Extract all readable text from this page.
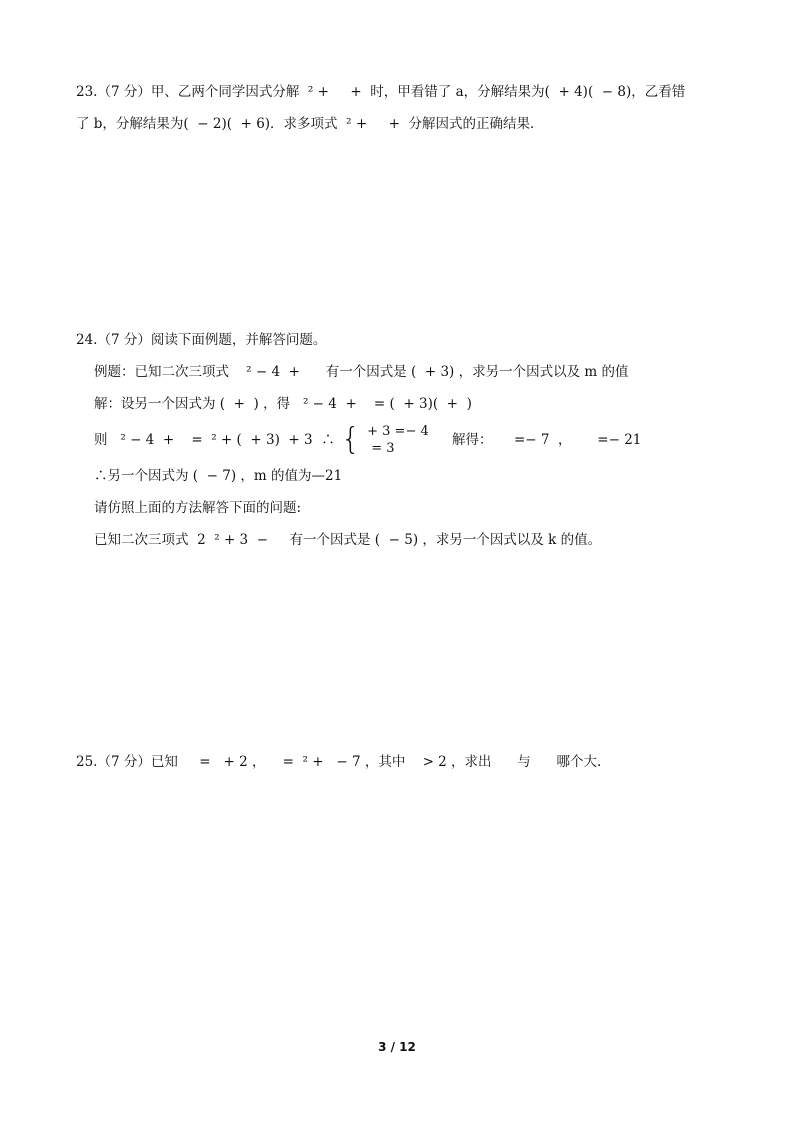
23.（7 分）甲、乙两个同学因式分解  ² +     +  时，甲看错了 a，分解结果为(  + 4)(  − 8)，乙看错
了 b，分解结果为(  − 2)(  + 6)．求多项式  ² +     +  分解因式的正确结果．
24.（7 分）阅读下面例题，并解答问题。
例题：已知二次三项式    ² − 4  +      有一个因式是 (  + 3) ，求另一个因式以及 m 的值
解：设另一个因式为 (  +  ) ，得   ² − 4  +    = (  + 3)(  +  )
则   ² − 4  +    =  ² + (  + 3)  + 3  ∴ { + 3 =− 4
= 3
解得：     =− 7  ，      =− 21
∴另一个因式为 (  − 7) ，m 的值为—21
请仿照上面的方法解答下面的问题:
已知二次三项式  2  ² + 3  −     有一个因式是 (  − 5) ，求另一个因式以及 k 的值。
25.（7 分）已知     =   + 2 ，    =  ² +   − 7 ，其中    > 2 ，求出      与      哪个大.
3 / 12
